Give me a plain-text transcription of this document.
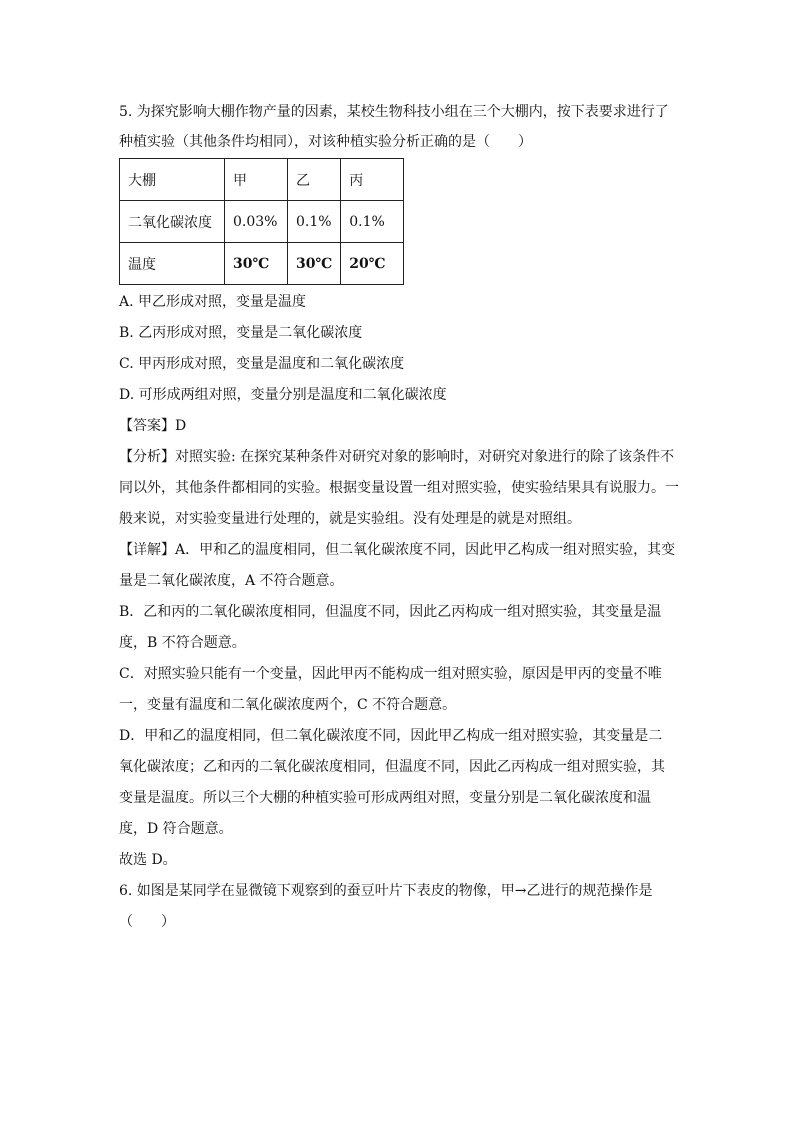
5. 为探究影响大棚作物产量的因素，某校生物科技小组在三个大棚内，按下表要求进行了
种植实验（其他条件均相同），对该种植实验分析正确的是（　　）
大棚	甲	乙	丙
二氧化碳浓度	0.03%	0.1%	0.1%
温度	30℃	30℃	20℃
A. 甲乙形成对照，变量是温度
B. 乙丙形成对照，变量是二氧化碳浓度
C. 甲丙形成对照，变量是温度和二氧化碳浓度
D. 可形成两组对照，变量分别是温度和二氧化碳浓度
【答案】D
【分析】对照实验: 在探究某种条件对研究对象的影响时，对研究对象进行的除了该条件不
同以外，其他条件都相同的实验。根据变量设置一组对照实验，使实验结果具有说服力。一
般来说，对实验变量进行处理的，就是实验组。没有处理是的就是对照组。
【详解】A．甲和乙的温度相同，但二氧化碳浓度不同，因此甲乙构成一组对照实验，其变
量是二氧化碳浓度，A 不符合题意。
B．乙和丙的二氧化碳浓度相同，但温度不同，因此乙丙构成一组对照实验，其变量是温
度，B 不符合题意。
C．对照实验只能有一个变量，因此甲丙不能构成一组对照实验，原因是甲丙的变量不唯
一，变量有温度和二氧化碳浓度两个，C 不符合题意。
D．甲和乙的温度相同，但二氧化碳浓度不同，因此甲乙构成一组对照实验，其变量是二
氧化碳浓度；乙和丙的二氧化碳浓度相同，但温度不同，因此乙丙构成一组对照实验，其
变量是温度。所以三个大棚的种植实验可形成两组对照，变量分别是二氧化碳浓度和温
度，D 符合题意。
故选 D。
6. 如图是某同学在显微镜下观察到的蚕豆叶片下表皮的物像，甲→乙进行的规范操作是
（　　）
